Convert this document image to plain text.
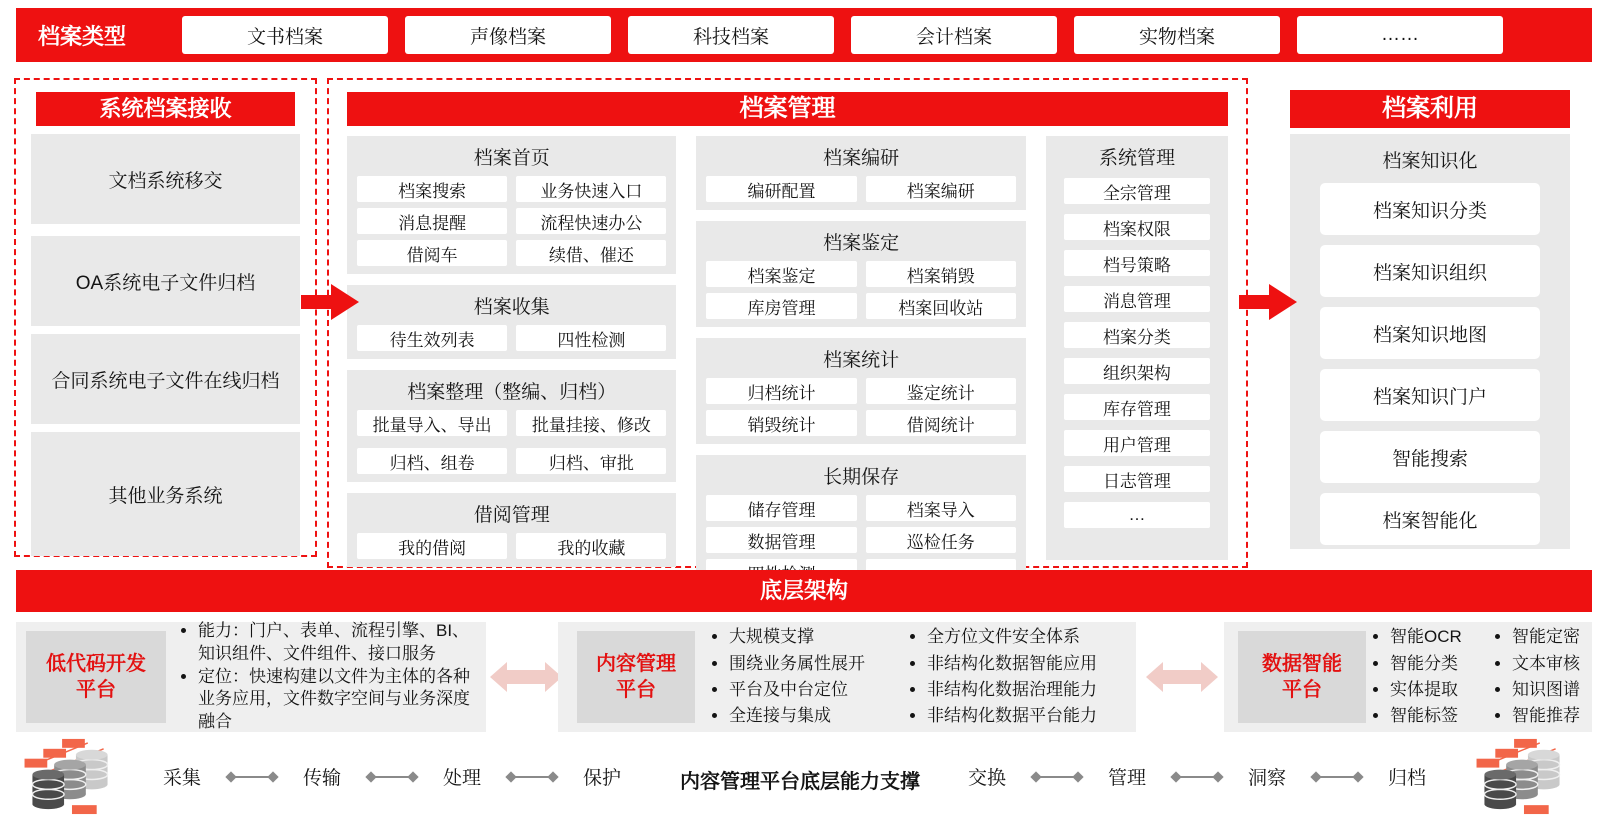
档案类型	文书档案	声像档案	科技档案	会计档案	实物档案	……
系统档案接收
文档系统移交
OA系统电子文件归档
合同系统电子文件在线归档
其他业务系统
档案管理
档案首页
档案搜索	业务快速入口
消息提醒	流程快速办公
借阅车	续借、催还
档案收集
待生效列表	四性检测
档案整理（整编、归档）
批量导入、导出	批量挂接、修改
归档、组卷	归档、审批
借阅管理
我的借阅	我的收藏
档案编研
编研配置	档案编研
档案鉴定
档案鉴定	档案销毁
库房管理	档案回收站
档案统计
归档统计	鉴定统计
销毁统计	借阅统计
长期保存
储存管理	档案导入
数据管理	巡检任务
系统管理
全宗管理
档案权限
档号策略
消息管理
档案分类
组织架构
库存管理
用户管理
日志管理
…
档案利用
档案知识化
档案知识分类
档案知识组织
档案知识地图
档案知识门户
智能搜索
档案智能化
底层架构
低代码开发
平台
• 能力：门户、表单、流程引擎、BI、知识组件、文件组件、接口服务
• 定位：快速构建以文件为主体的各种业务应用，文件数字空间与业务深度融合
内容管理
平台
• 大规模支撑
• 围绕业务属性展开
• 平台及中台定位
• 全连接与集成
• 全方位文件安全体系
• 非结构化数据智能应用
• 非结构化数据治理能力
• 非结构化数据平台能力
数据智能
平台
• 智能OCR
• 智能分类
• 实体提取
• 智能标签
• 智能定密
• 文本审核
• 知识图谱
• 智能推荐
采集	传输	处理	保护	内容管理平台底层能力支撑	交换	管理	洞察	归档
